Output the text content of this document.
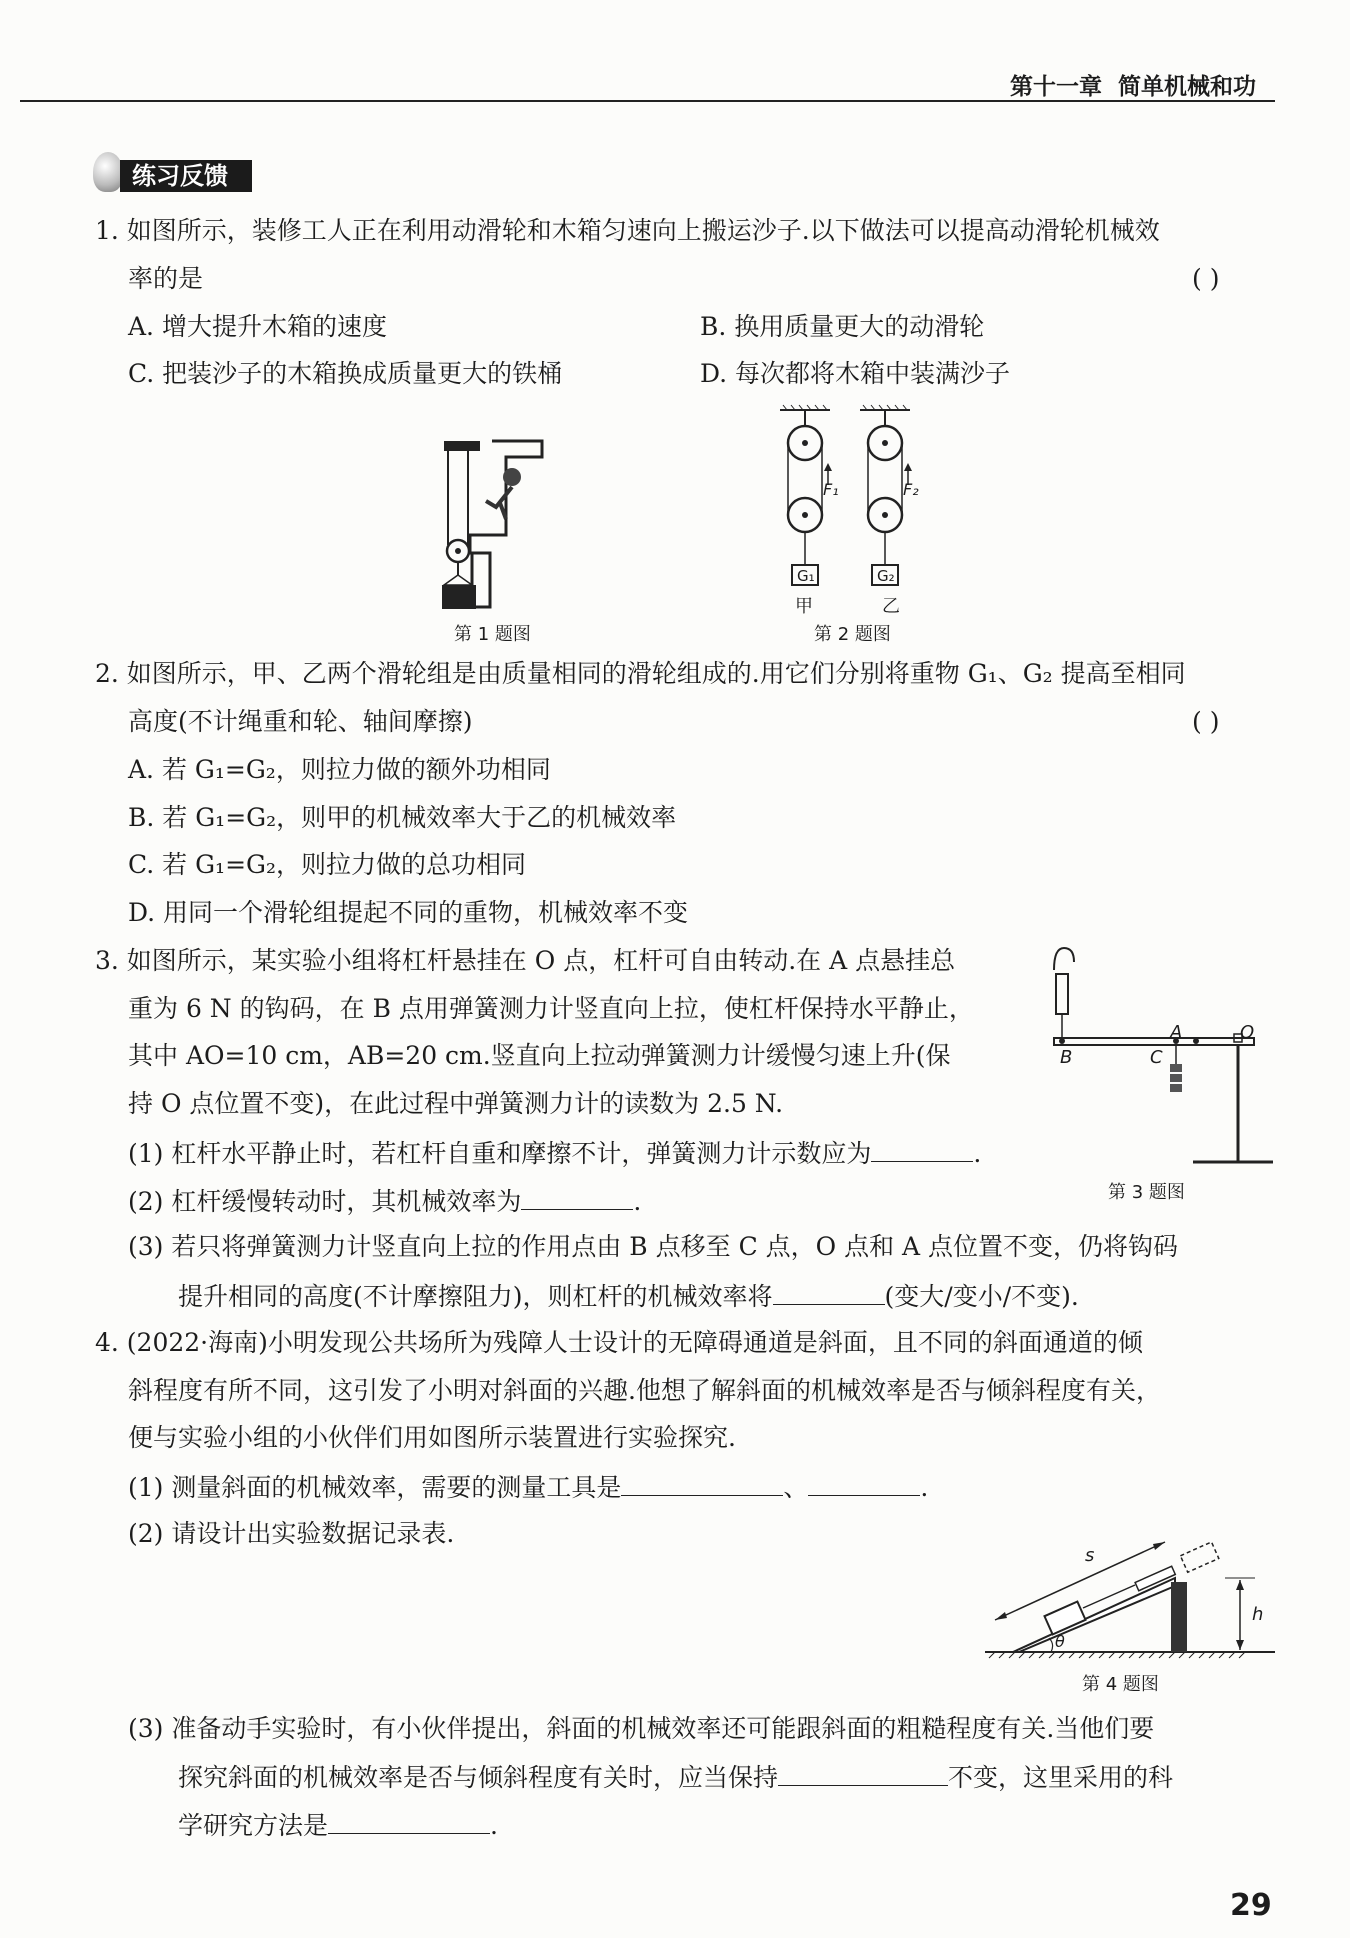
第十一章 简单机械和功
练习反馈
1. 如图所示，装修工人正在利用动滑轮和木箱匀速向上搬运沙子.以下做法可以提高动滑轮机械效
率的是	( )
A. 增大提升木箱的速度	B. 换用质量更大的动滑轮
C. 把装沙子的木箱换成质量更大的铁桶	D. 每次都将木箱中装满沙子
第 1 题图
G₁	G₂
F₁	F₂
甲	乙
第 2 题图
2. 如图所示，甲、乙两个滑轮组是由质量相同的滑轮组成的.用它们分别将重物 G₁、G₂ 提高至相同
高度(不计绳重和轮、轴间摩擦)	( )
A. 若 G₁=G₂，则拉力做的额外功相同
B. 若 G₁=G₂，则甲的机械效率大于乙的机械效率
C. 若 G₁=G₂，则拉力做的总功相同
D. 用同一个滑轮组提起不同的重物，机械效率不变
3. 如图所示，某实验小组将杠杆悬挂在 O 点，杠杆可自由转动.在 A 点悬挂总
重为 6 N 的钩码，在 B 点用弹簧测力计竖直向上拉，使杠杆保持水平静止，
其中 AO=10 cm，AB=20 cm.竖直向上拉动弹簧测力计缓慢匀速上升(保
持 O 点位置不变)，在此过程中弹簧测力计的读数为 2.5 N.
(1) 杠杆水平静止时，若杠杆自重和摩擦不计，弹簧测力计示数应为	.
(2) 杠杆缓慢转动时，其机械效率为	.
(3) 若只将弹簧测力计竖直向上拉的作用点由 B 点移至 C 点，O 点和 A 点位置不变，仍将钩码
提升相同的高度(不计摩擦阻力)，则杠杆的机械效率将	(变大/变小/不变).
B	C
A	O
第 3 题图
4. (2022·海南)小明发现公共场所为残障人士设计的无障碍通道是斜面，且不同的斜面通道的倾
斜程度有所不同，这引发了小明对斜面的兴趣.他想了解斜面的机械效率是否与倾斜程度有关，
便与实验小组的小伙伴们用如图所示装置进行实验探究.
(1) 测量斜面的机械效率，需要的测量工具是	、	.
(2) 请设计出实验数据记录表.
s
h
θ
第 4 题图
(3) 准备动手实验时，有小伙伴提出，斜面的机械效率还可能跟斜面的粗糙程度有关.当他们要
探究斜面的机械效率是否与倾斜程度有关时，应当保持	不变，这里采用的科
学研究方法是	.
29
